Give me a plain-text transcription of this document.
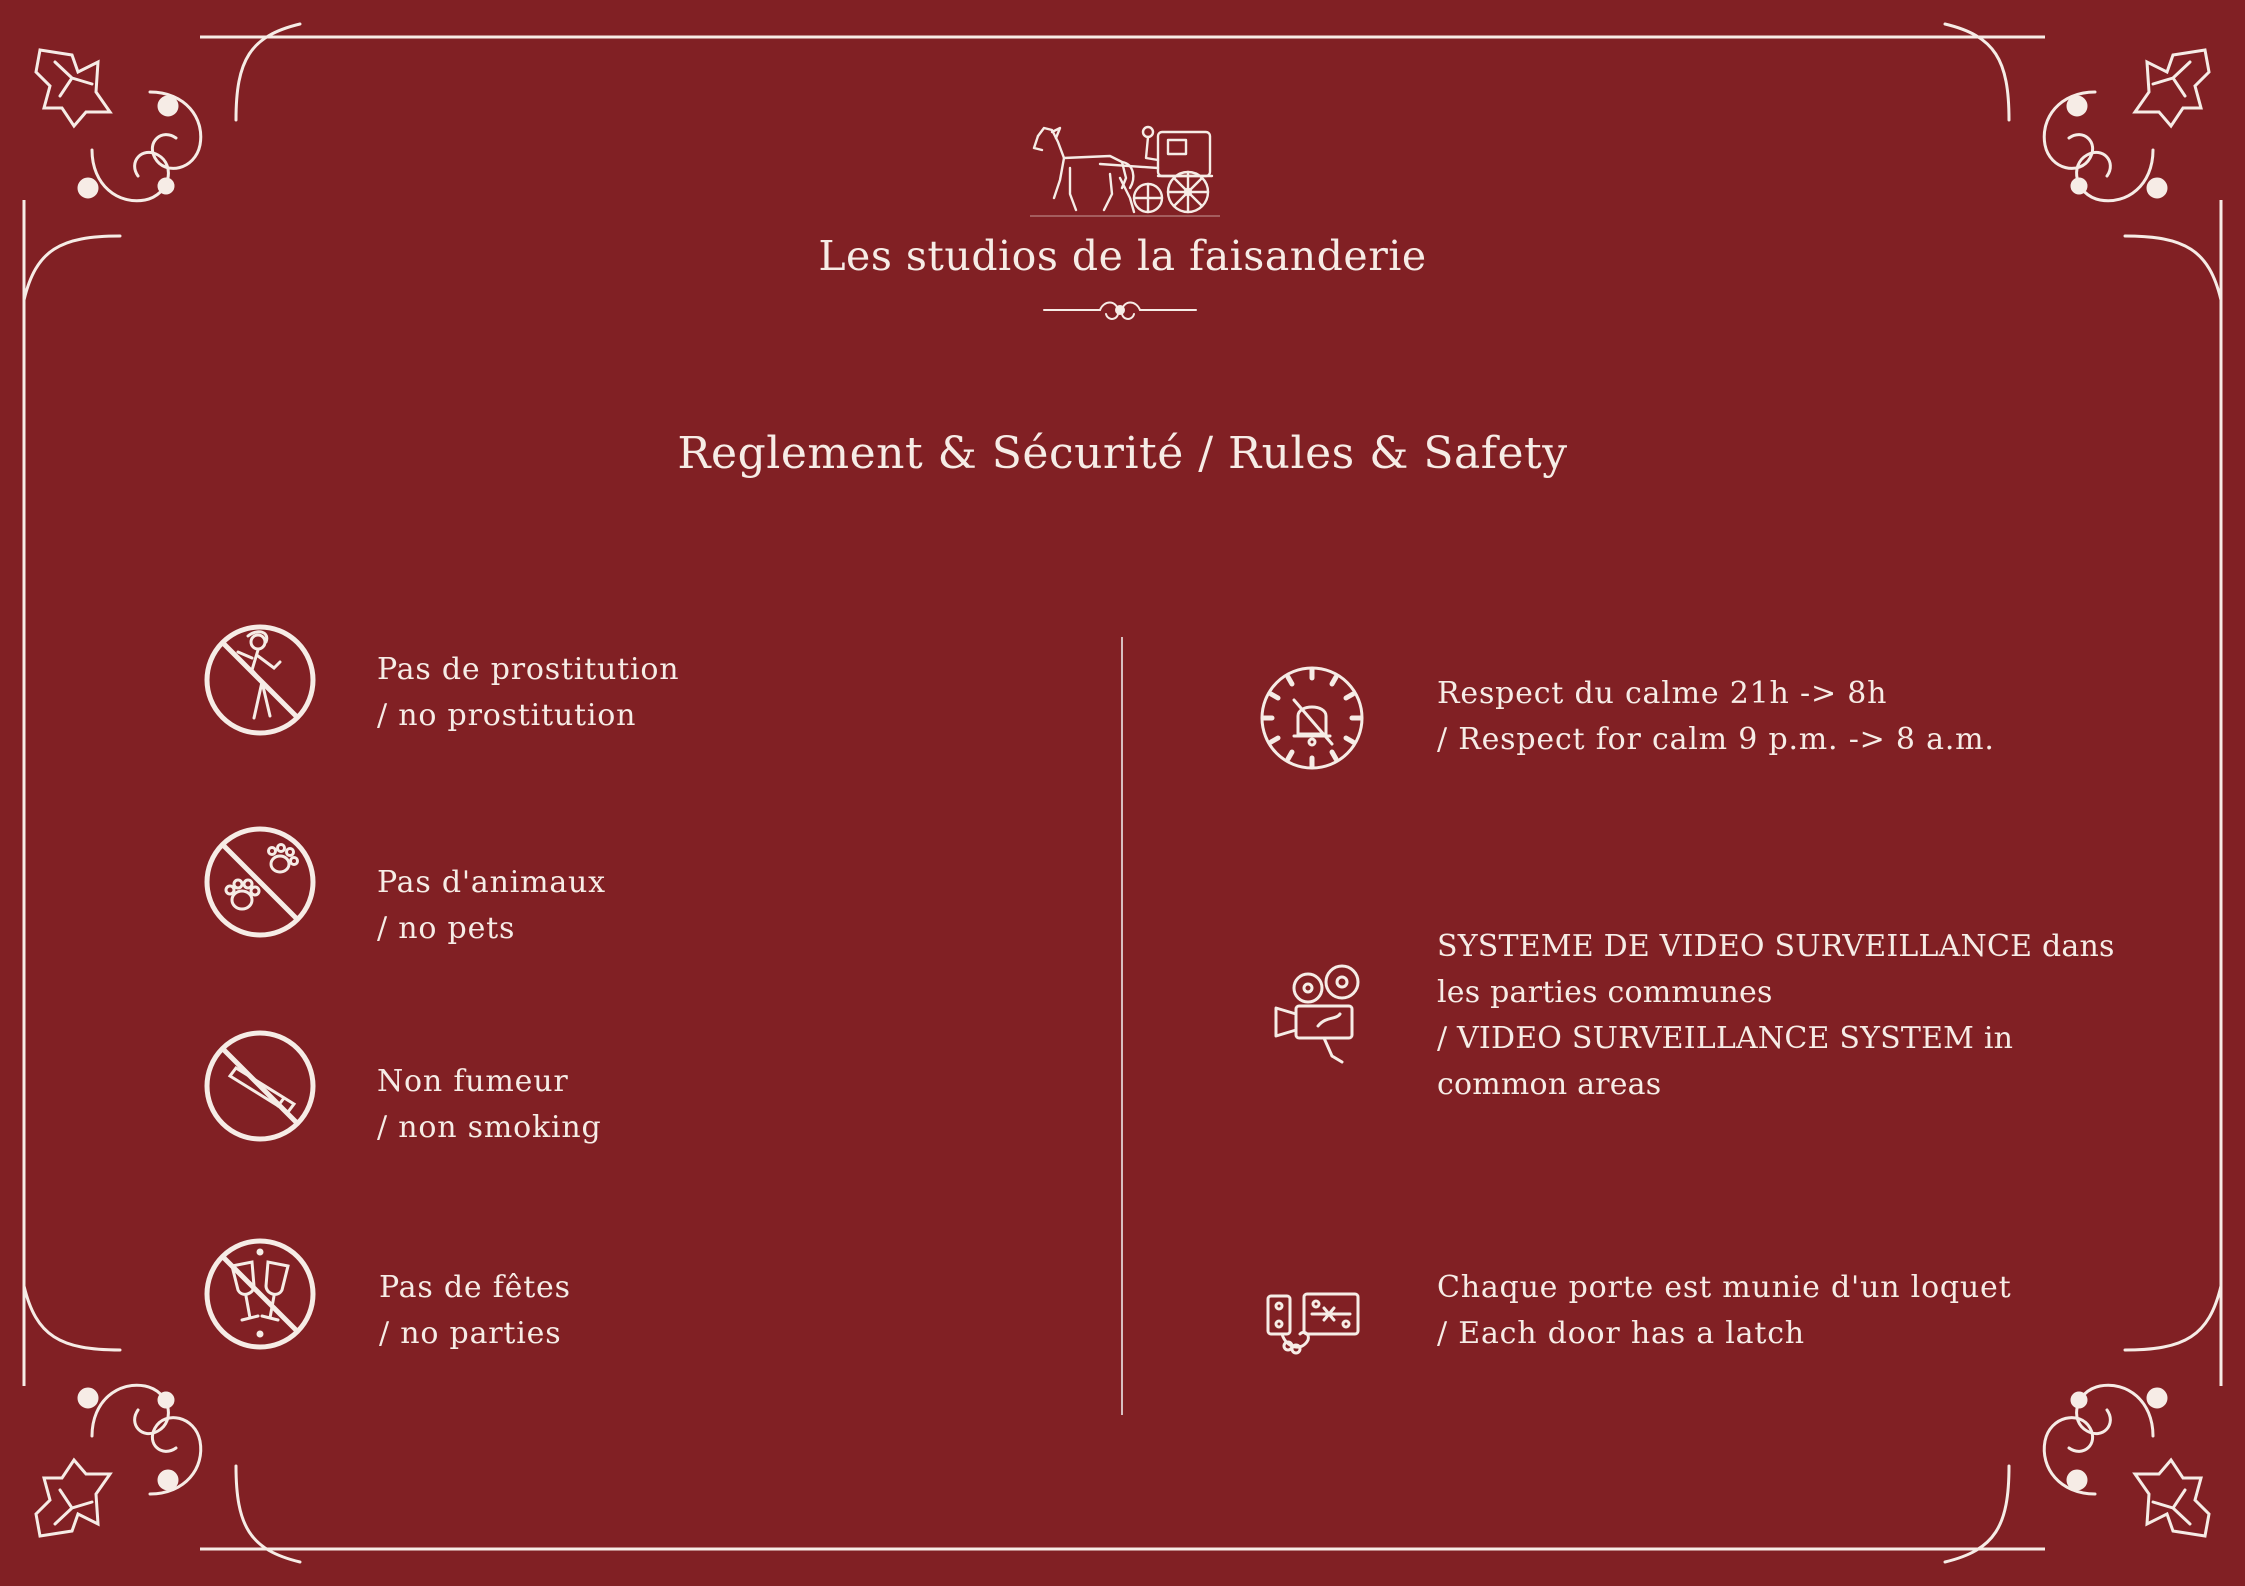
Les studios de la faisanderie
Reglement & Sécurité / Rules & Safety
Pas de prostitution
/ no prostitution
Pas d'animaux
/ no pets
Non fumeur
/ non smoking
Pas de fêtes
/ no parties
Respect du calme 21h -> 8h
/ Respect for calm 9 p.m. -> 8 a.m.
SYSTEME DE VIDEO SURVEILLANCE dans les parties communes
/ VIDEO SURVEILLANCE SYSTEM in common areas
Chaque porte est munie d'un loquet
/ Each door has a latch
